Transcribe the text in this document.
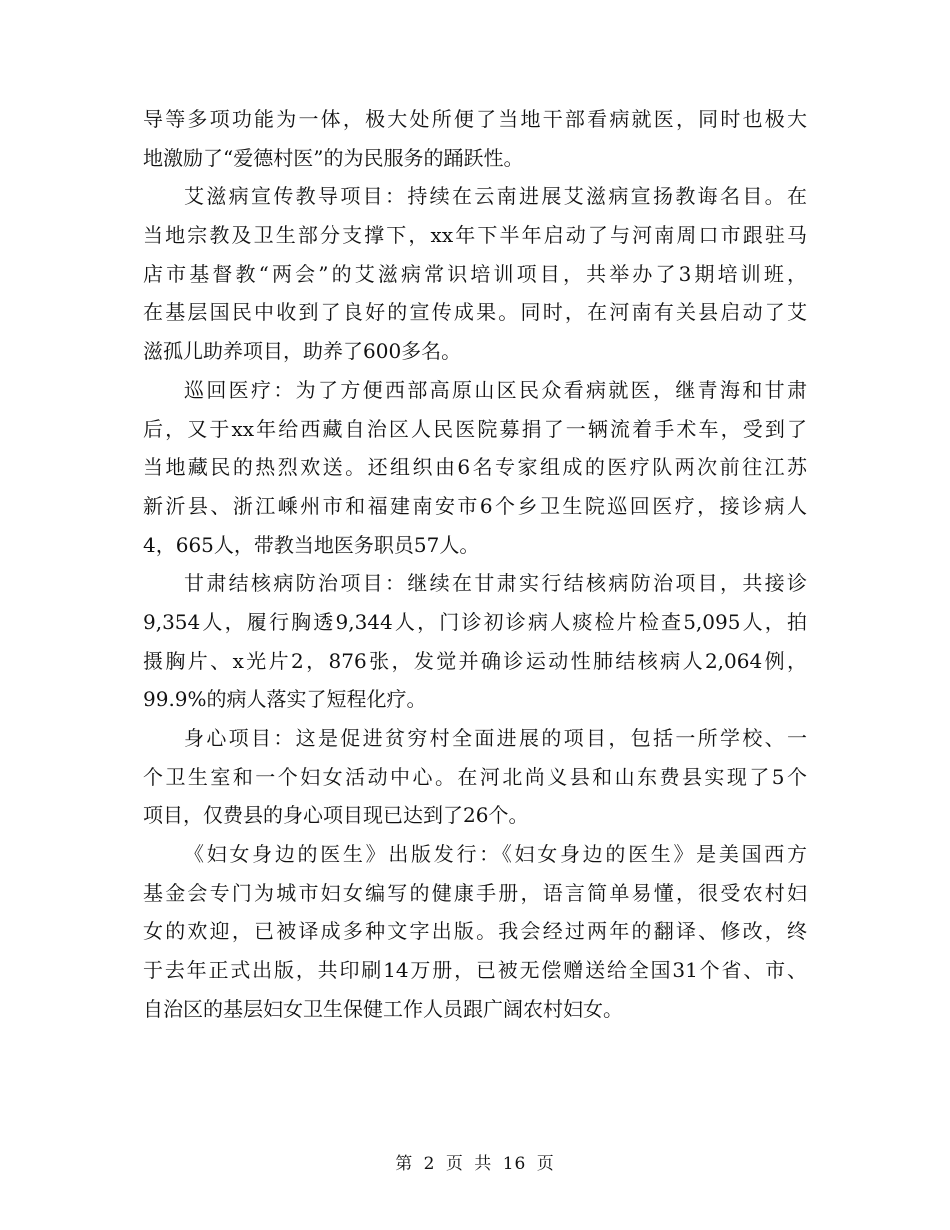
导等多项功能为一体，极大处所便了当地干部看病就医，同时也极大
地激励了“爱德村医”的为民服务的踊跃性。
艾滋病宣传教导项目：持续在云南进展艾滋病宣扬教诲名目。在
当地宗教及卫生部分支撑下，xx年下半年启动了与河南周口市跟驻马
店市基督教“两会”的艾滋病常识培训项目，共举办了3期培训班，
在基层国民中收到了良好的宣传成果。同时，在河南有关县启动了艾
滋孤儿助养项目，助养了600多名。
巡回医疗：为了方便西部高原山区民众看病就医，继青海和甘肃
后，又于xx年给西藏自治区人民医院募捐了一辆流着手术车，受到了
当地藏民的热烈欢送。还组织由6名专家组成的医疗队两次前往江苏
新沂县、浙江嵊州市和福建南安市6个乡卫生院巡回医疗，接诊病人
4，665人，带教当地医务职员57人。
甘肃结核病防治项目：继续在甘肃实行结核病防治项目，共接诊
9,354人，履行胸透9,344人，门诊初诊病人痰检片检查5,095人，拍
摄胸片、x光片2，876张，发觉并确诊运动性肺结核病人2,064例，
99.9%的病人落实了短程化疗。
身心项目：这是促进贫穷村全面进展的项目，包括一所学校、一
个卫生室和一个妇女活动中心。在河北尚义县和山东费县实现了5个
项目，仅费县的身心项目现已达到了26个。
《妇女身边的医生》出版发行：《妇女身边的医生》是美国西方
基金会专门为城市妇女编写的健康手册，语言简单易懂，很受农村妇
女的欢迎，已被译成多种文字出版。我会经过两年的翻译、修改，终
于去年正式出版，共印刷14万册，已被无偿赠送给全国31个省、市、
自治区的基层妇女卫生保健工作人员跟广阔农村妇女。
第 2 页 共 16 页
